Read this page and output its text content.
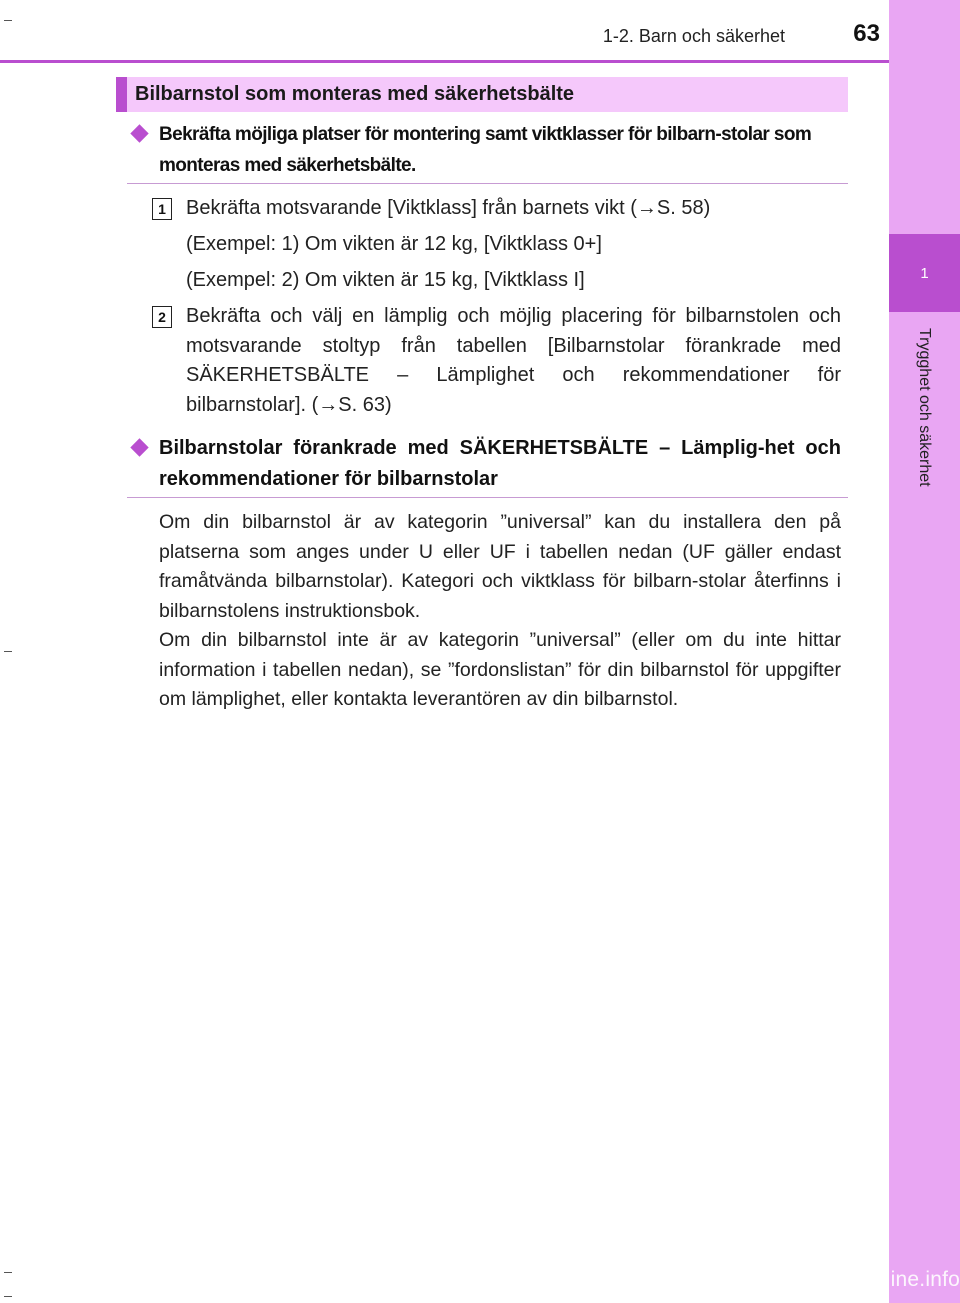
1
Trygghet och säkerhet
1-2. Barn och säkerhet	63
Bilbarnstol som monteras med säkerhetsbälte
Bekräfta möjliga platser för montering samt viktklasser för bilbarn-stolar som monteras med säkerhetsbälte.
1	Bekräfta motsvarande [Viktklass] från barnets vikt (→S. 58)
(Exempel: 1) Om vikten är 12 kg, [Viktklass 0+]
(Exempel: 2) Om vikten är 15 kg, [Viktklass I]
2	Bekräfta och välj en lämplig och möjlig placering för bilbarnstolen och motsvarande stoltyp från tabellen [Bilbarnstolar förankrade med SÄKERHETSBÄLTE – Lämplighet och rekommendationer för bilbarnstolar]. (→S. 63)
Bilbarnstolar förankrade med SÄKERHETSBÄLTE – Lämplig-het och rekommendationer för bilbarnstolar
Om din bilbarnstol är av kategorin ”universal” kan du installera den på platserna som anges under U eller UF i tabellen nedan (UF gäller endast framåtvända bilbarnstolar). Kategori och viktklass för bilbarn-stolar återfinns i bilbarnstolens instruktionsbok.
Om din bilbarnstol inte är av kategorin ”universal” (eller om du inte hittar information i tabellen nedan), se ”fordonslistan” för din bilbarnstol för uppgifter om lämplighet, eller kontakta leverantören av din bilbarnstol.
carmanualsonline.info
